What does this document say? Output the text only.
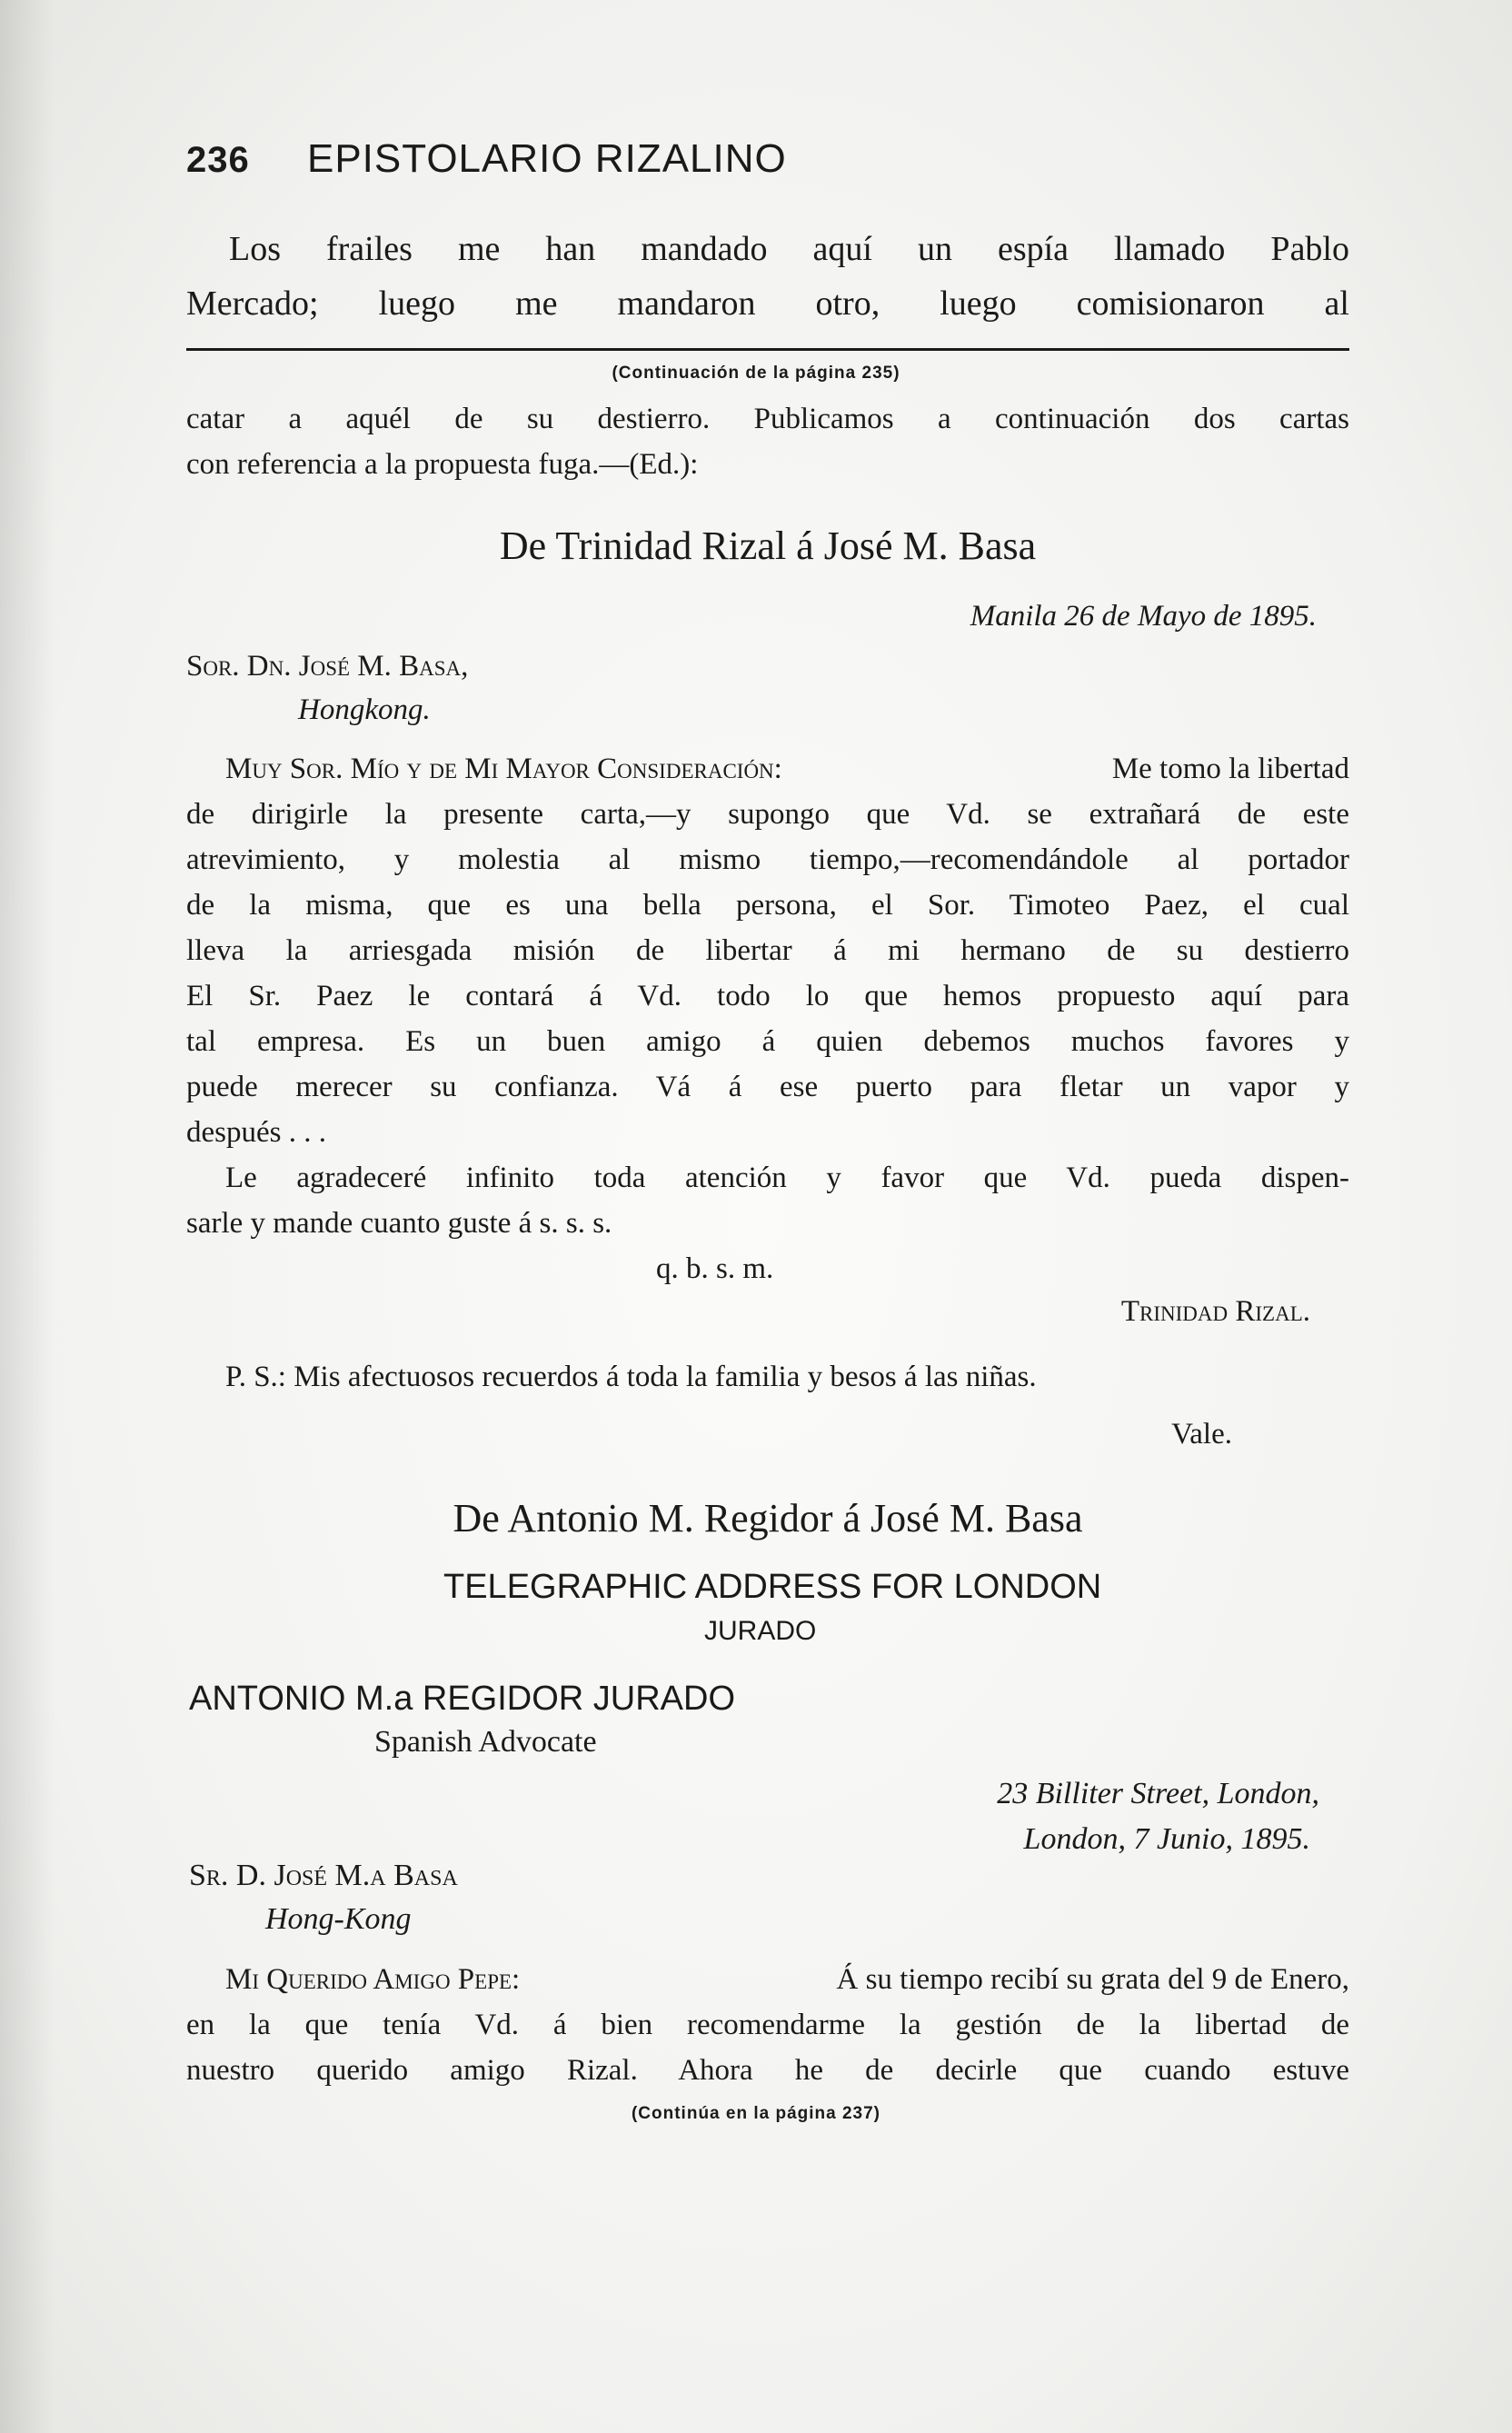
236 EPISTOLARIO RIZALINO
Los frailes me han mandado aquí un espía llamado Pablo
Mercado; luego me mandaron otro, luego comisionaron al
(Continuación de la página 235)
catar a aquél de su destierro. Publicamos a continuación dos cartas
con referencia a la propuesta fuga.—(Ed.):
De Trinidad Rizal á José M. Basa
Manila 26 de Mayo de 1895.
Sor. Dn. José M. Basa,
Hongkong.
Muy Sor. Mío y de Mi Mayor Consideración:	Me tomo la libertad
de dirigirle la presente carta,—y supongo que Vd. se extrañará de este
atrevimiento, y molestia al mismo tiempo,—recomendándole al portador
de la misma, que es una bella persona, el Sor. Timoteo Paez, el cual
lleva la arriesgada misión de libertar á mi hermano de su destierro
El Sr. Paez le contará á Vd. todo lo que hemos propuesto aquí para
tal empresa. Es un buen amigo á quien debemos muchos favores y
puede merecer su confianza. Vá á ese puerto para fletar un vapor y
después . . .
Le agradeceré infinito toda atención y favor que Vd. pueda dispen-
sarle y mande cuanto guste á s. s. s.
q. b. s. m.
Trinidad Rizal.
P. S.: Mis afectuosos recuerdos á toda la familia y besos á las niñas.
Vale.
De Antonio M. Regidor á José M. Basa
TELEGRAPHIC ADDRESS FOR LONDON
JURADO
ANTONIO M.a REGIDOR JURADO
Spanish Advocate
23 Billiter Street, London,
London, 7 Junio, 1895.
Sr. D. José M.a Basa
Hong-Kong
Mi Querido Amigo Pepe:	Á su tiempo recibí su grata del 9 de Enero,
en la que tenía Vd. á bien recomendarme la gestión de la libertad de
nuestro querido amigo Rizal. Ahora he de decirle que cuando estuve
(Continúa en la página 237)
